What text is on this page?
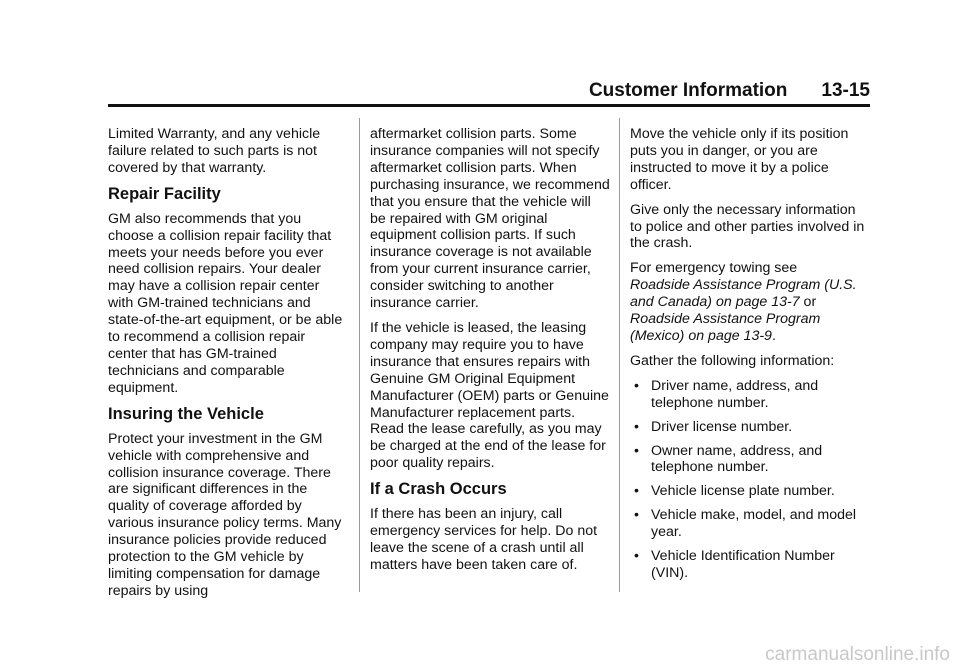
Customer Information 13-15

Limited Warranty, and any vehicle failure related to such parts is not covered by that warranty.

Repair Facility

GM also recommends that you choose a collision repair facility that meets your needs before you ever need collision repairs. Your dealer may have a collision repair center with GM-trained technicians and state-of-the-art equipment, or be able to recommend a collision repair center that has GM-trained technicians and comparable equipment.

Insuring the Vehicle

Protect your investment in the GM vehicle with comprehensive and collision insurance coverage. There are significant differences in the quality of coverage afforded by various insurance policy terms. Many insurance policies provide reduced protection to the GM vehicle by limiting compensation for damage repairs by using

aftermarket collision parts. Some insurance companies will not specify aftermarket collision parts. When purchasing insurance, we recommend that you ensure that the vehicle will be repaired with GM original equipment collision parts. If such insurance coverage is not available from your current insurance carrier, consider switching to another insurance carrier.

If the vehicle is leased, the leasing company may require you to have insurance that ensures repairs with Genuine GM Original Equipment Manufacturer (OEM) parts or Genuine Manufacturer replacement parts. Read the lease carefully, as you may be charged at the end of the lease for poor quality repairs.

If a Crash Occurs

If there has been an injury, call emergency services for help. Do not leave the scene of a crash until all matters have been taken care of.

Move the vehicle only if its position puts you in danger, or you are instructed to move it by a police officer.

Give only the necessary information to police and other parties involved in the crash.

For emergency towing see
Roadside Assistance Program (U.S. and Canada) on page 13-7 or Roadside Assistance Program (Mexico) on page 13-9.

Gather the following information:

• Driver name, address, and telephone number.
• Driver license number.
• Owner name, address, and telephone number.
• Vehicle license plate number.
• Vehicle make, model, and model year.
• Vehicle Identification Number (VIN).
carmanualsonline.info
